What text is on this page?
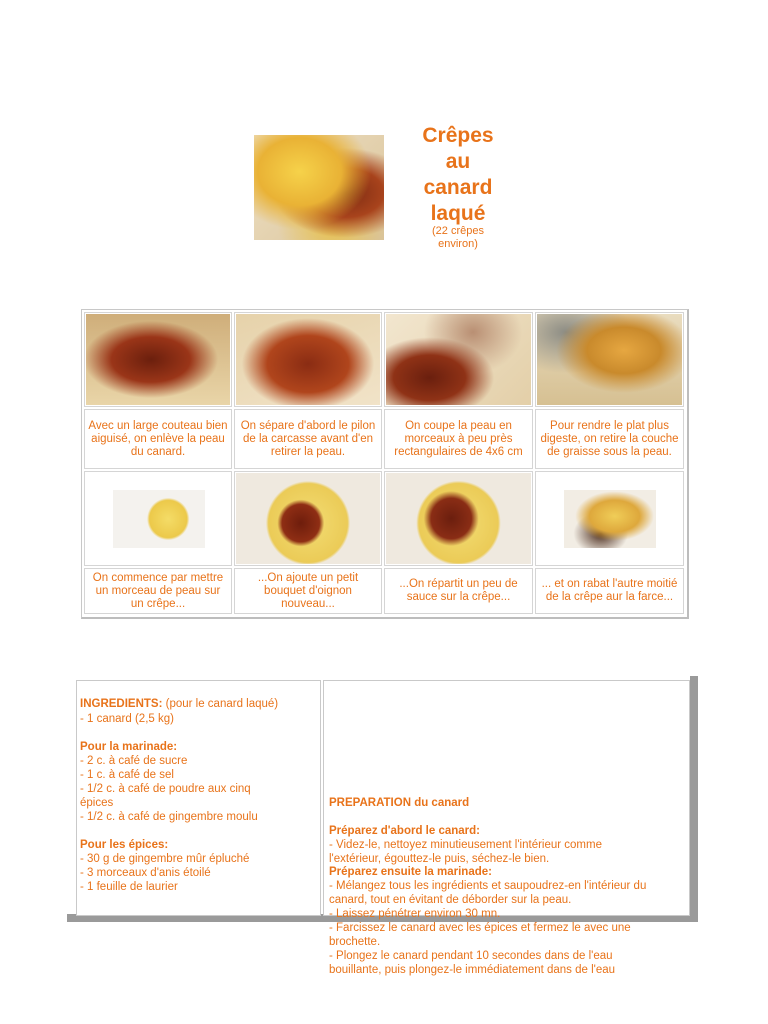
Crêpes
au
canard
laqué
(22 crêpes
environ)
Avec un large couteau bien aiguisé, on enlève la peau du canard.
On sépare d'abord le pilon de la carcasse avant d'en retirer la peau.
On coupe la peau en morceaux à peu près rectangulaires de 4x6 cm
Pour rendre le plat plus digeste, on retire la couche de graisse sous la peau.
On commence par mettre un morceau de peau sur un crêpe...
...On ajoute un petit bouquet d'oignon nouveau...
...On répartit un peu de sauce sur la crêpe...
... et on rabat l'autre moitié de la crêpe aur la farce...

INGREDIENTS: (pour le canard laqué)

- 1 canard (2,5 kg)
Pour la marinade:
- 2 c. à café de sucre
- 1 c. à café de sel
- 1/2 c. à café de poudre aux cinq
épices
- 1/2 c. à café de gingembre moulu
Pour les épices:
- 30 g de gingembre mûr épluché
- 3 morceaux d'anis étoilé
- 1 feuille de laurier
PREPARATION du canard
Préparez d'abord le canard:
- Videz-le, nettoyez minutieusement l'intérieur comme
l'extérieur, égouttez-le puis, séchez-le bien.
Préparez ensuite la marinade:
- Mélangez tous les ingrédients et saupoudrez-en l'intérieur du
canard, tout en évitant de déborder sur la peau.
- Laissez pénétrer environ 30 mn.
- Farcissez le canard avec les épices et fermez le avec une
brochette.
- Plongez le canard pendant 10 secondes dans de l'eau
bouillante, puis plongez-le immédiatement dans de l'eau
